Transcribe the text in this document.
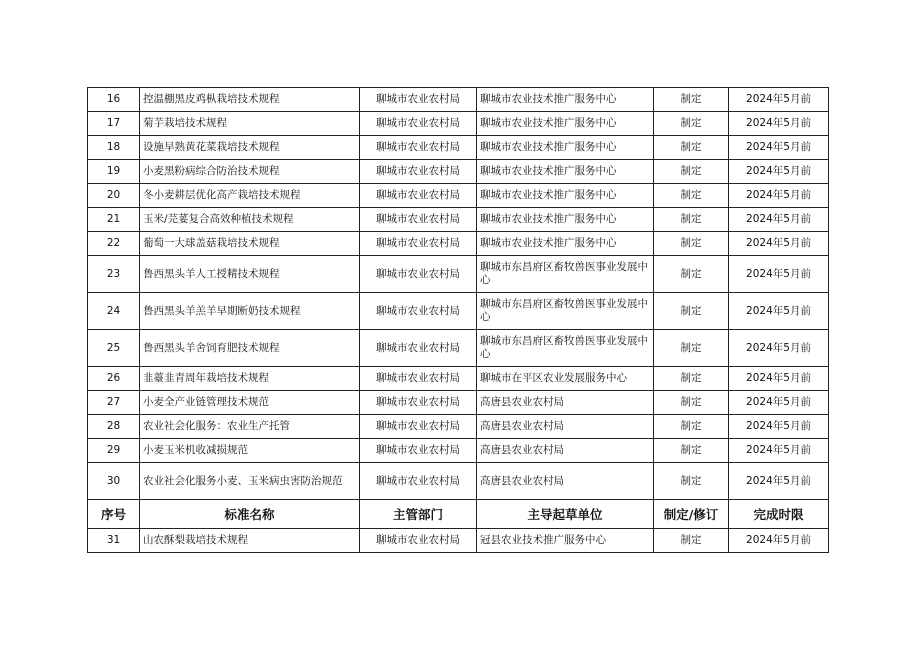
16	控温棚黑皮鸡枞栽培技术规程	聊城市农业农村局	聊城市农业技术推广服务中心	制定	2024年5月前
17	菊芋栽培技术规程	聊城市农业农村局	聊城市农业技术推广服务中心	制定	2024年5月前
18	设施早熟黄花菜栽培技术规程	聊城市农业农村局	聊城市农业技术推广服务中心	制定	2024年5月前
19	小麦黑粉病综合防治技术规程	聊城市农业农村局	聊城市农业技术推广服务中心	制定	2024年5月前
20	冬小麦耕层优化高产栽培技术规程	聊城市农业农村局	聊城市农业技术推广服务中心	制定	2024年5月前
21	玉米/芫荽复合高效种植技术规程	聊城市农业农村局	聊城市农业技术推广服务中心	制定	2024年5月前
22	葡萄一大球盖菇栽培技术规程	聊城市农业农村局	聊城市农业技术推广服务中心	制定	2024年5月前
23	鲁西黑头羊人工授精技术规程	聊城市农业农村局	聊城市东昌府区畜牧兽医事业发展中心	制定	2024年5月前
24	鲁西黑头羊羔羊早期断奶技术规程	聊城市农业农村局	聊城市东昌府区畜牧兽医事业发展中心	制定	2024年5月前
25	鲁西黑头羊舍饲育肥技术规程	聊城市农业农村局	聊城市东昌府区畜牧兽医事业发展中心	制定	2024年5月前
26	韭薹韭青周年栽培技术规程	聊城市农业农村局	聊城市在平区农业发展服务中心	制定	2024年5月前
27	小麦全产业链管理技术规范	聊城市农业农村局	高唐县农业农村局	制定	2024年5月前
28	农业社会化服务：农业生产托管	聊城市农业农村局	高唐县农业农村局	制定	2024年5月前
29	小麦玉米机收减损规范	聊城市农业农村局	高唐县农业农村局	制定	2024年5月前
30	农业社会化服务小麦、玉米病虫害防治规范	聊城市农业农村局	高唐县农业农村局	制定	2024年5月前
序号	标准名称	主管部门	主导起草单位	制定/修订	完成时限
31	山农酥梨栽培技术规程	聊城市农业农村局	冠县农业技术推广服务中心	制定	2024年5月前
